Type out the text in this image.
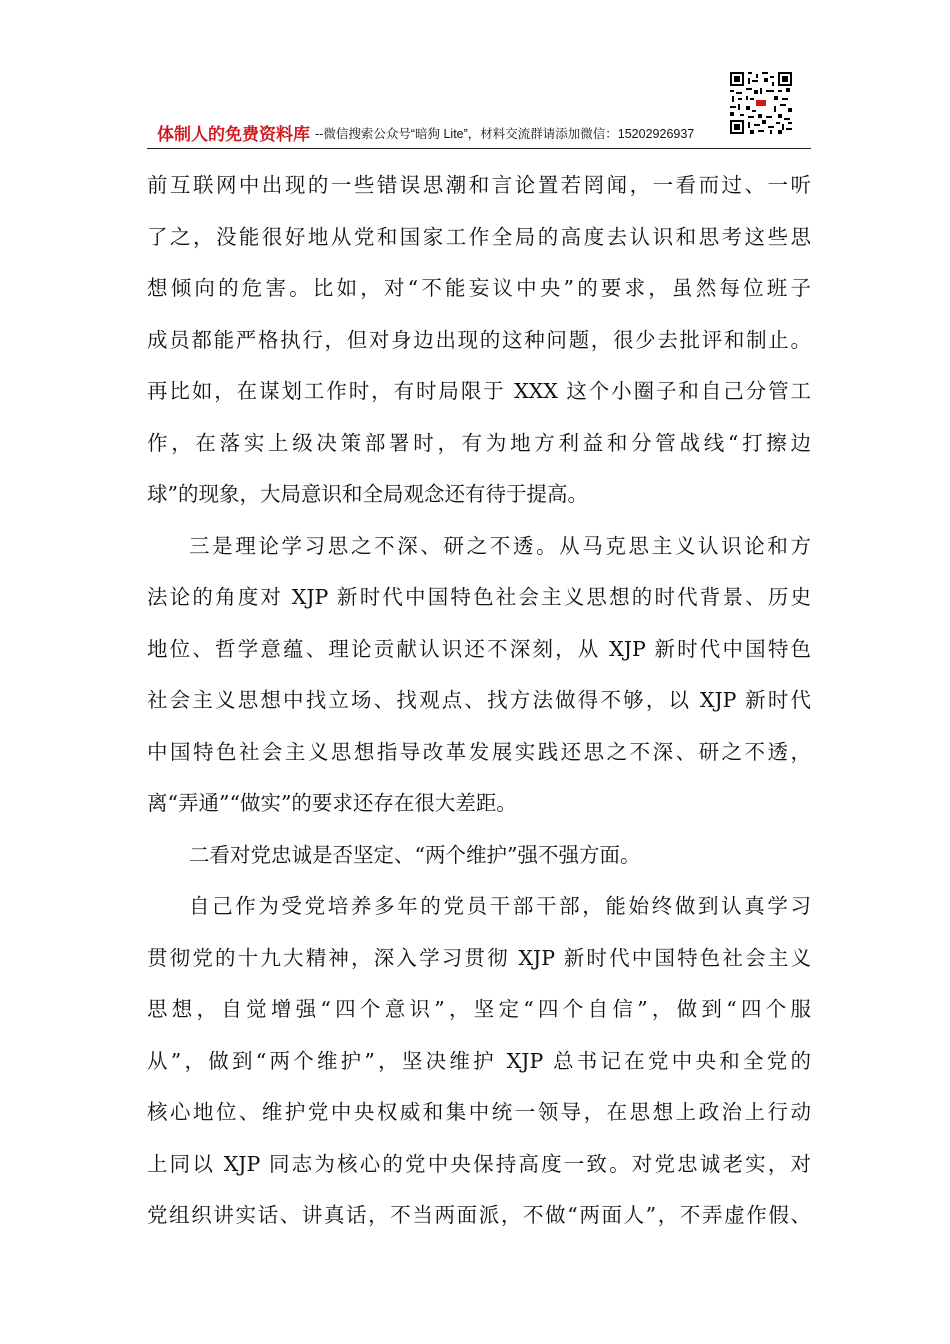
体制人的免费资料库 --微信搜索公众号“暗狗 Lite”，材料交流群请添加微信：15202926937
前互联网中出现的一些错误思潮和言论置若罔闻，一看而过、一听
了之，没能很好地从党和国家工作全局的高度去认识和思考这些思
想倾向的危害。比如，对“不能妄议中央”的要求，虽然每位班子
成员都能严格执行，但对身边出现的这种问题，很少去批评和制止。
再比如，在谋划工作时，有时局限于 XXX 这个小圈子和自己分管工
作，在落实上级决策部署时，有为地方利益和分管战线“打擦边
球”的现象，大局意识和全局观念还有待于提高。
三是理论学习思之不深、研之不透。从马克思主义认识论和方
法论的角度对 XJP 新时代中国特色社会主义思想的时代背景、历史
地位、哲学意蕴、理论贡献认识还不深刻，从 XJP 新时代中国特色
社会主义思想中找立场、找观点、找方法做得不够，以 XJP 新时代
中国特色社会主义思想指导改革发展实践还思之不深、研之不透，
离“弄通”“做实”的要求还存在很大差距。
二看对党忠诚是否坚定、“两个维护”强不强方面。
自己作为受党培养多年的党员干部干部，能始终做到认真学习
贯彻党的十九大精神，深入学习贯彻 XJP 新时代中国特色社会主义
思想，自觉增强“四个意识”，坚定“四个自信”，做到“四个服
从”，做到“两个维护”，坚决维护 XJP 总书记在党中央和全党的
核心地位、维护党中央权威和集中统一领导，在思想上政治上行动
上同以 XJP 同志为核心的党中央保持高度一致。对党忠诚老实，对
党组织讲实话、讲真话，不当两面派，不做“两面人”，不弄虚作假、
